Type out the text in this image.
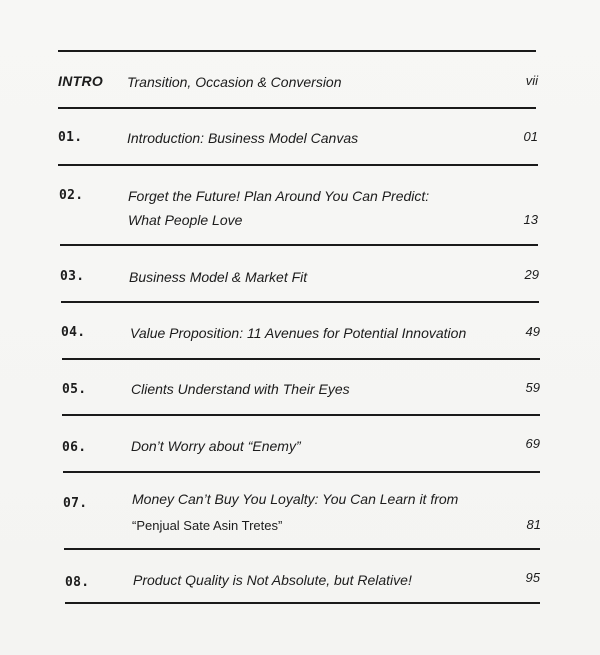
INTRO Transition, Occasion & Conversion	vii
01.	Introduction: Business Model Canvas	01
02.	Forget the Future! Plan Around You Can Predict:
What People Love	13
03.	Business Model & Market Fit	29
04.	Value Proposition: 11 Avenues for Potential Innovation	49
05.	Clients Understand with Their Eyes	59
06.	Don’t Worry about “Enemy”	69
07.	Money Can’t Buy You Loyalty: You Can Learn it from
“Penjual Sate Asin Tretes”	81
08.	Product Quality is Not Absolute, but Relative!	95
